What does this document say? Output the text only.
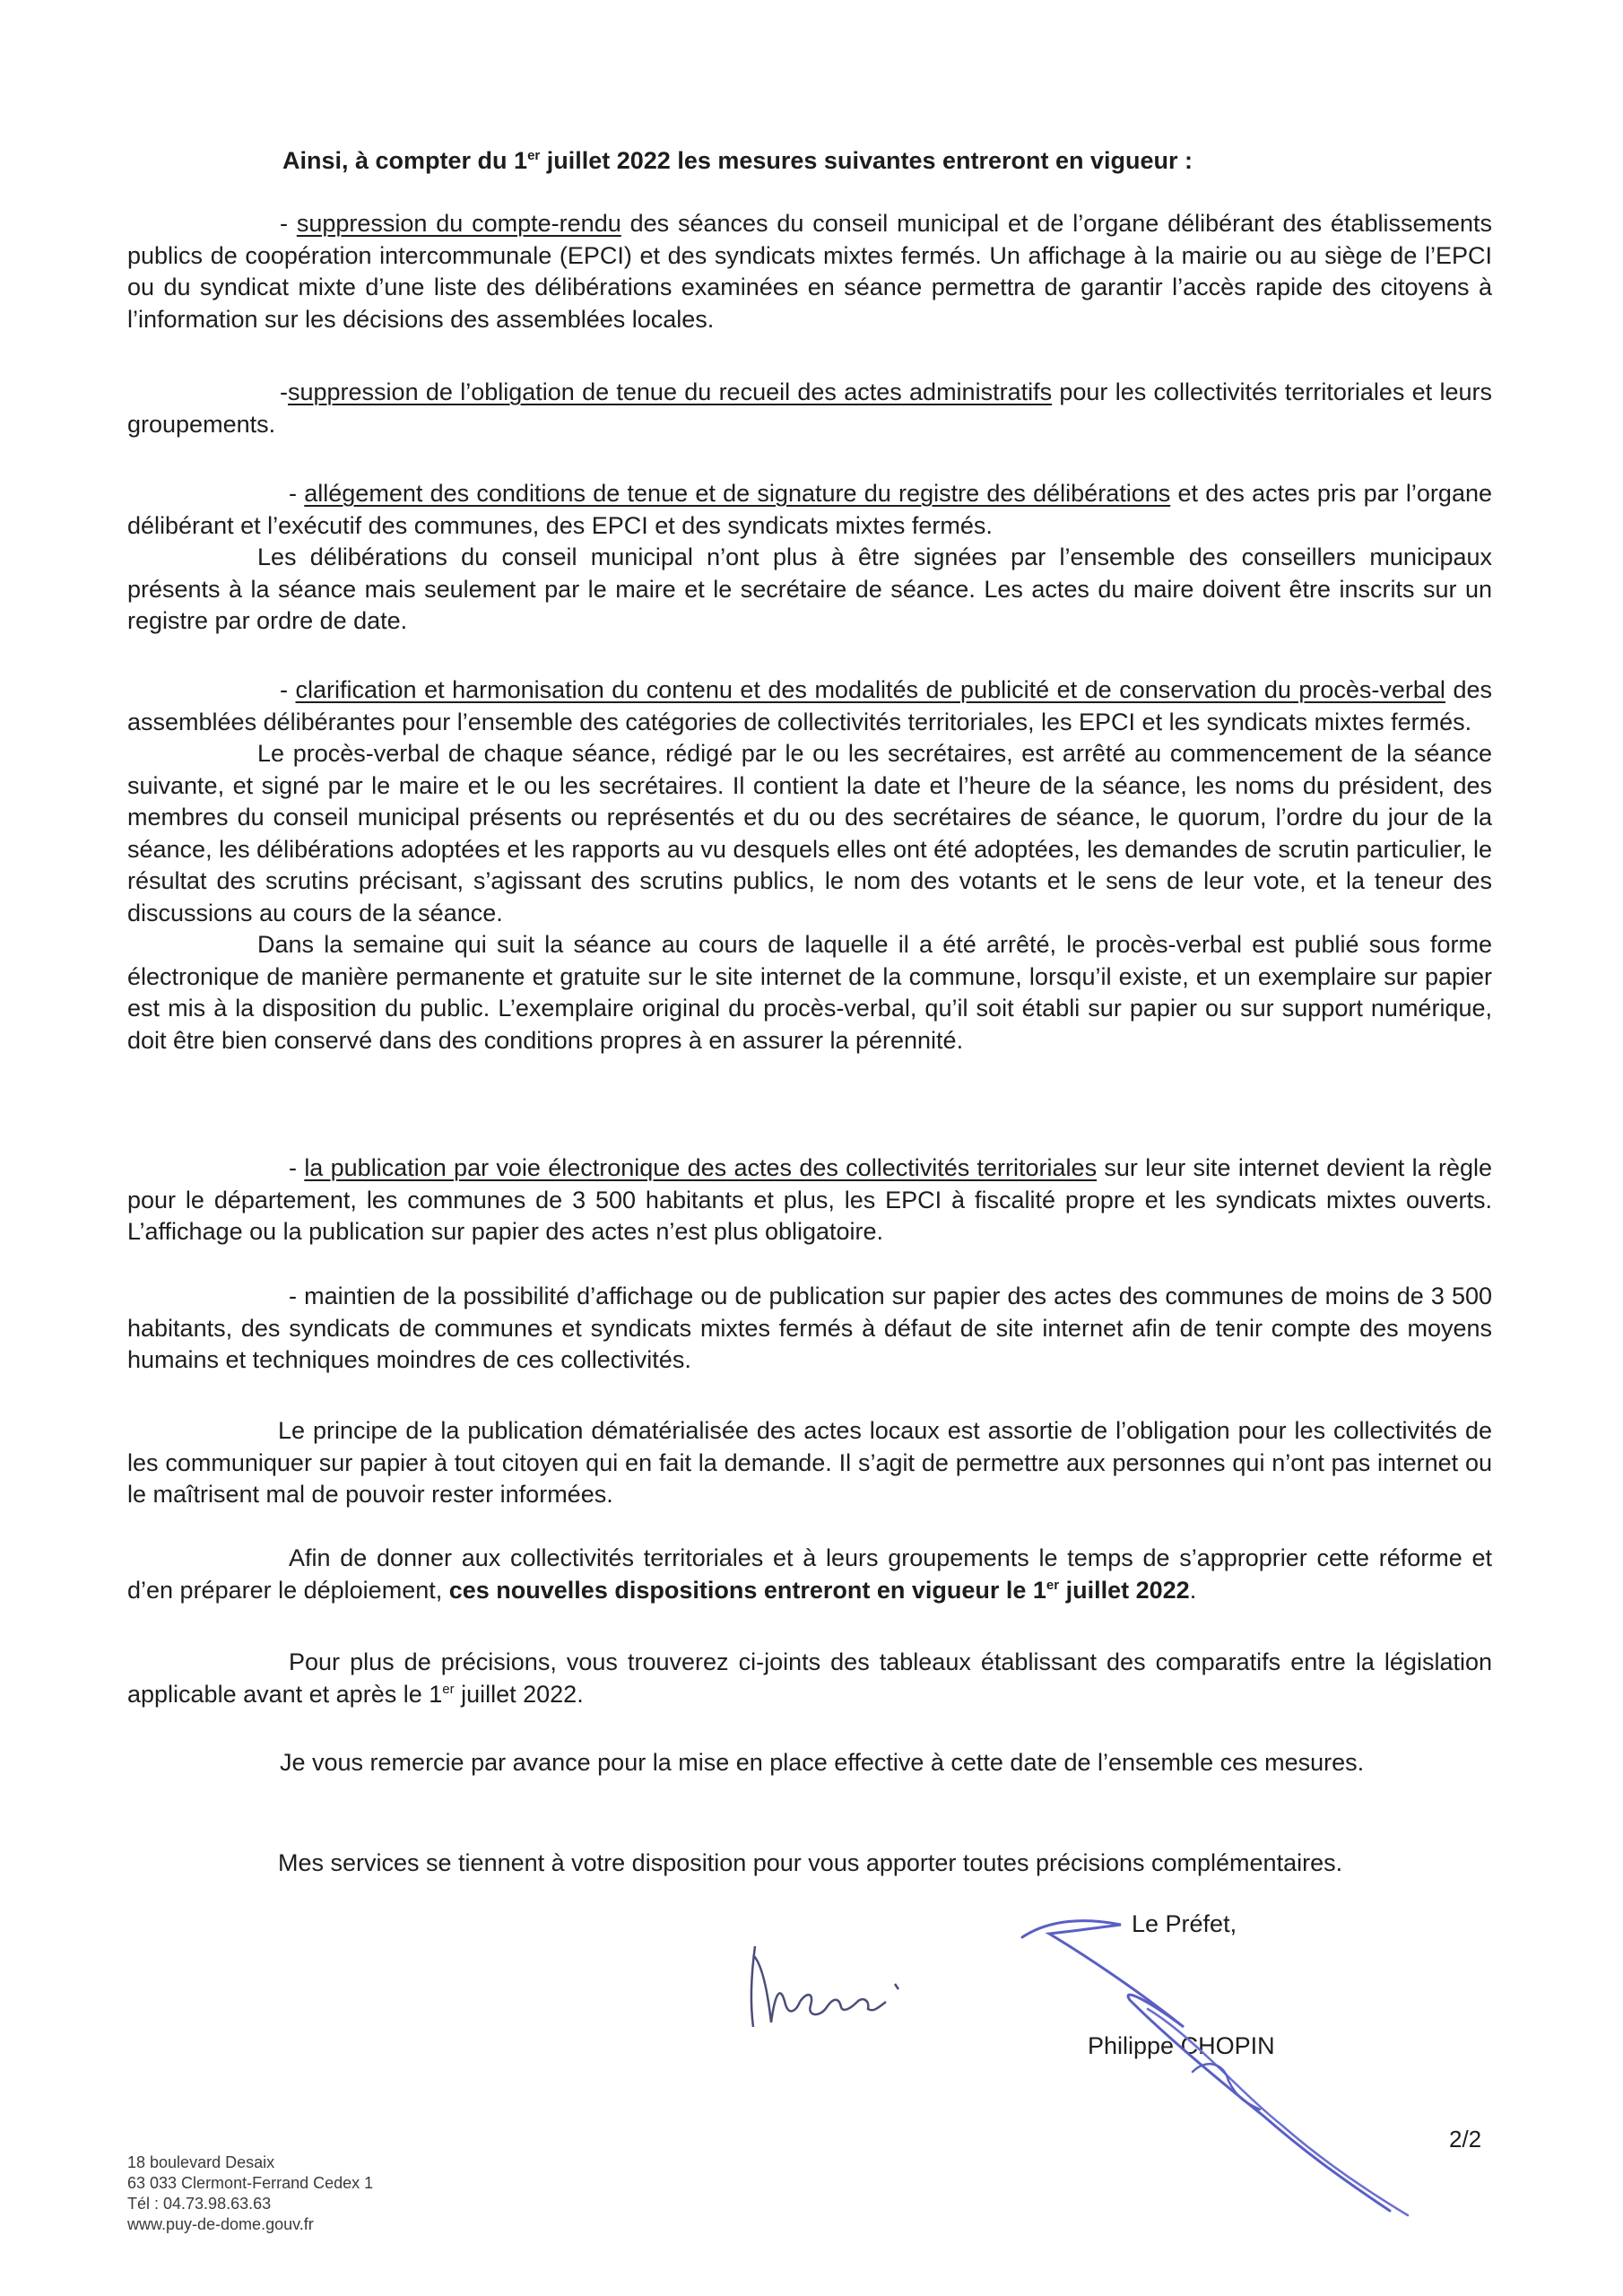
Ainsi, à compter du 1er juillet 2022 les mesures suivantes entreront en vigueur :

- suppression du compte-rendu des séances du conseil municipal et de l’organe délibérant des établissements publics de coopération intercommunale (EPCI) et des syndicats mixtes fermés. Un affichage à la mairie ou au siège de l’EPCI ou du syndicat mixte d’une liste des délibérations examinées en séance permettra de garantir l’accès rapide des citoyens à l’information sur les décisions des assemblées locales.

-suppression de l’obligation de tenue du recueil des actes administratifs pour les collectivités territoriales et leurs groupements.

- allégement des conditions de tenue et de signature du registre des délibérations et des actes pris par l’organe délibérant et l’exécutif des communes, des EPCI et des syndicats mixtes fermés.
Les délibérations du conseil municipal n’ont plus à être signées par l’ensemble des conseillers municipaux présents à la séance mais seulement par le maire et le secrétaire de séance. Les actes du maire doivent être inscrits sur un registre par ordre de date.

- clarification et harmonisation du contenu et des modalités de publicité et de conservation du procès-verbal des assemblées délibérantes pour l’ensemble des catégories de collectivités territoriales, les EPCI et les syndicats mixtes fermés.
Le procès-verbal de chaque séance, rédigé par le ou les secrétaires, est arrêté au commencement de la séance suivante, et signé par le maire et le ou les secrétaires. Il contient la date et l’heure de la séance, les noms du président, des membres du conseil municipal présents ou représentés et du ou des secrétaires de séance, le quorum, l’ordre du jour de la séance, les délibérations adoptées et les rapports au vu desquels elles ont été adoptées, les demandes de scrutin particulier, le résultat des scrutins précisant, s’agissant des scrutins publics, le nom des votants et le sens de leur vote, et la teneur des discussions au cours de la séance.
Dans la semaine qui suit la séance au cours de laquelle il a été arrêté, le procès-verbal est publié sous forme électronique de manière permanente et gratuite sur le site internet de la commune, lorsqu’il existe, et un exemplaire sur papier est mis à la disposition du public. L’exemplaire original du procès-verbal, qu’il soit établi sur papier ou sur support numérique, doit être bien conservé dans des conditions propres à en assurer la pérennité.

- la publication par voie électronique des actes des collectivités territoriales sur leur site internet devient la règle pour le département, les communes de 3 500 habitants et plus, les EPCI à fiscalité propre et les syndicats mixtes ouverts. L’affichage ou la publication sur papier des actes n’est plus obligatoire.

- maintien de la possibilité d’affichage ou de publication sur papier des actes des communes de moins de 3 500 habitants, des syndicats de communes et syndicats mixtes fermés à défaut de site internet afin de tenir compte des moyens humains et techniques moindres de ces collectivités.

Le principe de la publication dématérialisée des actes locaux est assortie de l’obligation pour les collectivités de les communiquer sur papier à tout citoyen qui en fait la demande. Il s’agit de permettre aux personnes qui n’ont pas internet ou le maîtrisent mal de pouvoir rester informées.

Afin de donner aux collectivités territoriales et à leurs groupements le temps de s’approprier cette réforme et d’en préparer le déploiement, ces nouvelles dispositions entreront en vigueur le 1er juillet 2022.

Pour plus de précisions, vous trouverez ci-joints des tableaux établissant des comparatifs entre la législation applicable avant et après le 1er juillet 2022.

Je vous remercie par avance pour la mise en place effective à cette date de l’ensemble ces mesures.

Mes services se tiennent à votre disposition pour vous apporter toutes précisions complémentaires.

Le Préfet,
Philippe CHOPIN
2/2
18 boulevard Desaix
63 033 Clermont-Ferrand Cedex 1
Tél : 04.73.98.63.63
www.puy-de-dome.gouv.fr
